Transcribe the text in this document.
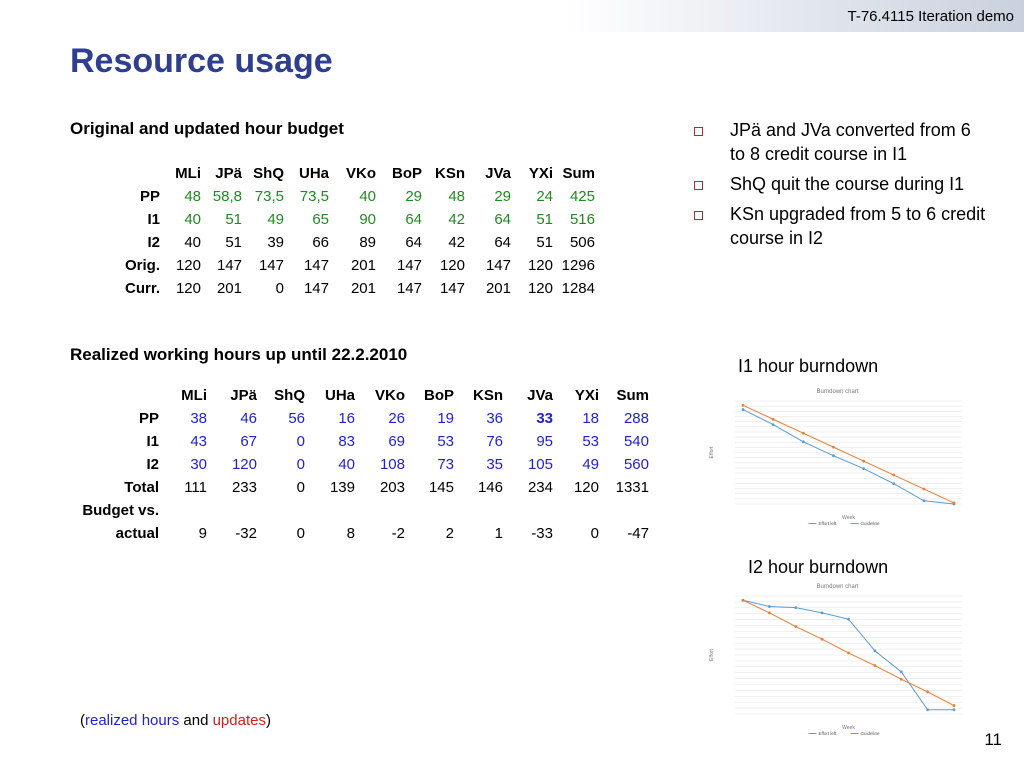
T-76.4115 Iteration demo
Resource usage
Original and updated hour budget
	MLi	JPä	ShQ	UHa	VKo	BoP	KSn	JVa	YXi	Sum
PP	48	58,8	73,5	73,5	40	29	48	29	24	425
I1	40	51	49	65	90	64	42	64	51	516
I2	40	51	39	66	89	64	42	64	51	506
Orig.	120	147	147	147	201	147	120	147	120	1296
Curr.	120	201	0	147	201	147	147	201	120	1284
Realized working hours up until 22.2.2010
	MLi	JPä	ShQ	UHa	VKo	BoP	KSn	JVa	YXi	Sum
PP	38	46	56	16	26	19	36	33	18	288
I1	43	67	0	83	69	53	76	95	53	540
I2	30	120	0	40	108	73	35	105	49	560
Total	111	233	0	139	203	145	146	234	120	1331
Budget vs.										
actual	9	-32	0	8	-2	2	1	-33	0	-47
JPä and JVa converted from 6 to 8 credit course in I1
ShQ quit the course during I1
KSn upgraded from 5 to 6 credit course in I2
I1 hour burndown
Burndown chart
Effort
Week
Effort left	Guideline
I2 hour burndown
Burndown chart
Effort
Week
Effort left	Guideline
(realized hours and updates)
11
